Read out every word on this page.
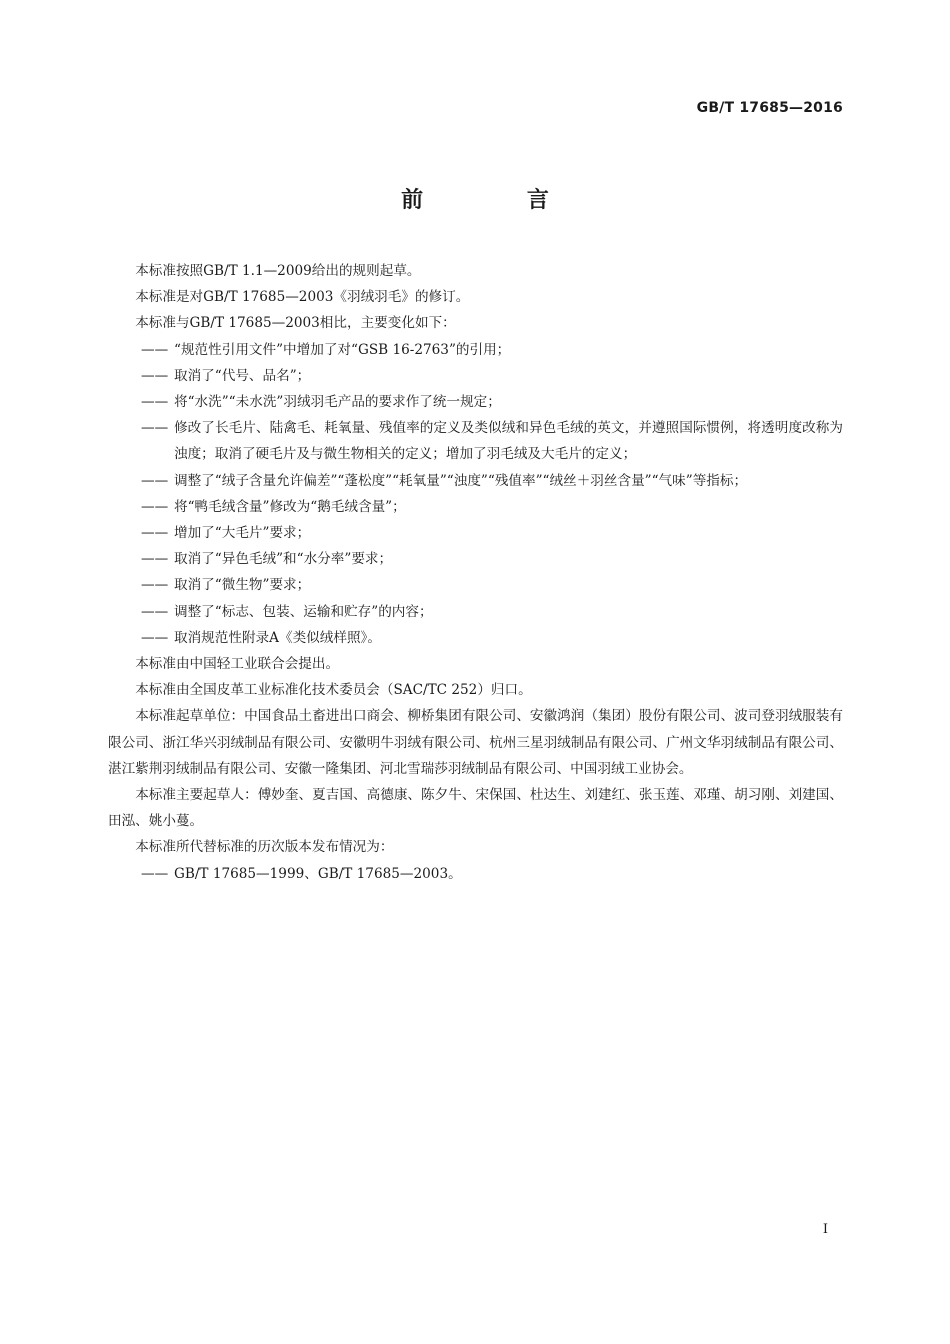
GB/T 17685—2016
前 言
本标准按照GB/T 1.1—2009给出的规则起草。
本标准是对GB/T 17685—2003《羽绒羽毛》的修订。
本标准与GB/T 17685—2003相比，主要变化如下：
—— “规范性引用文件”中增加了对“GSB 16-2763”的引用；
—— 取消了“代号、品名”；
—— 将“水洗”“未水洗”羽绒羽毛产品的要求作了统一规定；
—— 修改了长毛片、陆禽毛、耗氧量、残值率的定义及类似绒和异色毛绒的英文，并遵照国际惯例，将透明度改称为浊度；取消了硬毛片及与微生物相关的定义；增加了羽毛绒及大毛片的定义；
—— 调整了“绒子含量允许偏差”“蓬松度”“耗氧量”“浊度”“残值率”“绒丝＋羽丝含量”“气味”等指标；
—— 将“鸭毛绒含量”修改为“鹅毛绒含量”；
—— 增加了“大毛片”要求；
—— 取消了“异色毛绒”和“水分率”要求；
—— 取消了“微生物”要求；
—— 调整了“标志、包装、运输和贮存”的内容；
—— 取消规范性附录A《类似绒样照》。
本标准由中国轻工业联合会提出。
本标准由全国皮革工业标准化技术委员会（SAC/TC 252）归口。
本标准起草单位：中国食品土畜进出口商会、柳桥集团有限公司、安徽鸿润（集团）股份有限公司、波司登羽绒服装有限公司、浙江华兴羽绒制品有限公司、安徽明牛羽绒有限公司、杭州三星羽绒制品有限公司、广州文华羽绒制品有限公司、湛江紫荆羽绒制品有限公司、安徽一隆集团、河北雪瑞莎羽绒制品有限公司、中国羽绒工业协会。
本标准主要起草人：傅妙奎、夏吉国、高德康、陈夕牛、宋保国、杜达生、刘建红、张玉莲、邓瑾、胡习刚、刘建国、田泓、姚小蔓。
本标准所代替标准的历次版本发布情况为：
—— GB/T 17685—1999、GB/T 17685—2003。
I
